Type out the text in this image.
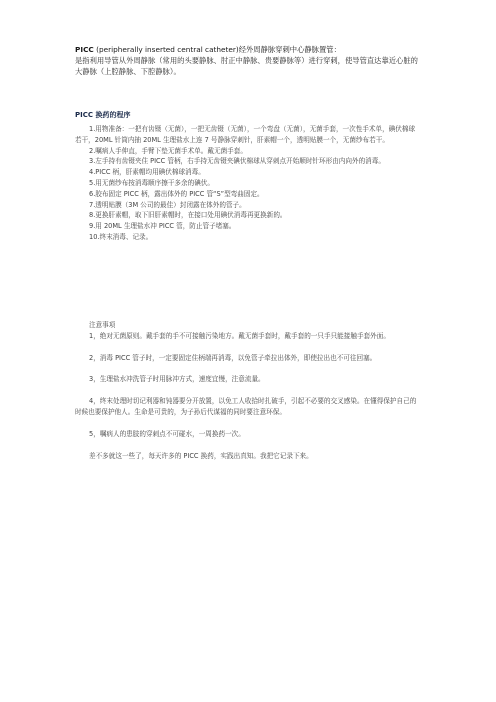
PICC (peripherally inserted central catheter)经外周静脉穿刺中心静脉置管：
是指利用导管从外周静脉（常用的头要静脉、肘正中静脉、贵要静脉等）进行穿刺，使导管直达靠近心脏的大静脉（上腔静脉、下腔静脉）。
PICC 换药的程序

1.用物准备：一把有齿镊（无菌），一把无齿镊（无菌），一个弯盘（无菌），无菌手套，一次性手术单，碘伏棉球若干，20ML 针筒内抽 20ML 生理盐水上连 7 号静脉穿刺针，肝素帽一个，透明贴膜一个，无菌纱布若干。

2.嘱病人手伸直，手臂下垫无菌手术单。戴无菌手套。

3.左手持有齿镊夹住 PICC 管柄，右手持无齿镊夹碘伏棉球从穿刺点开始顺时针环形由内向外的消毒。

4.PICC 柄，肝素帽均用碘伏棉球消毒。

5.用无菌纱布按消毒顺序擦干多余的碘伏。

6.胶布固定 PICC 柄，露出体外的 PICC 管“S”型弯曲固定。

7.透明贴膜（3M 公司的最佳）封闭露在体外的管子。

8.更换肝素帽，取下旧肝素帽时，在接口处用碘伏消毒再更换新的。

9.用 20ML 生理盐水冲 PICC 管，防止管子堵塞。

10.终末消毒、记录。

注意事项

1，绝对无菌原则。戴手套的手不可接触污染地方。戴无菌手套时，戴手套的一只手只能接触手套外面。

2，消毒 PICC 管子时，一定要固定住柄端再消毒，以免管子牵拉出体外，即使拉出也不可往回塞。

3，生理盐水冲洗管子时用脉冲方式，速度宜慢，注意流量。

4，终末处理时切记利器和钝器要分开放置，以免工人收拾时扎破手，引起不必要的交叉感染。在懂得保护自己的时候也要保护他人。生命是可贵的，为子孙后代谋福的同时要注意环保。

5，嘱病人的患肢的穿刺点不可碰水，一周换药一次。

差不多就这一些了，每天许多的 PICC 换药，实践出真知。我把它记录下来。
